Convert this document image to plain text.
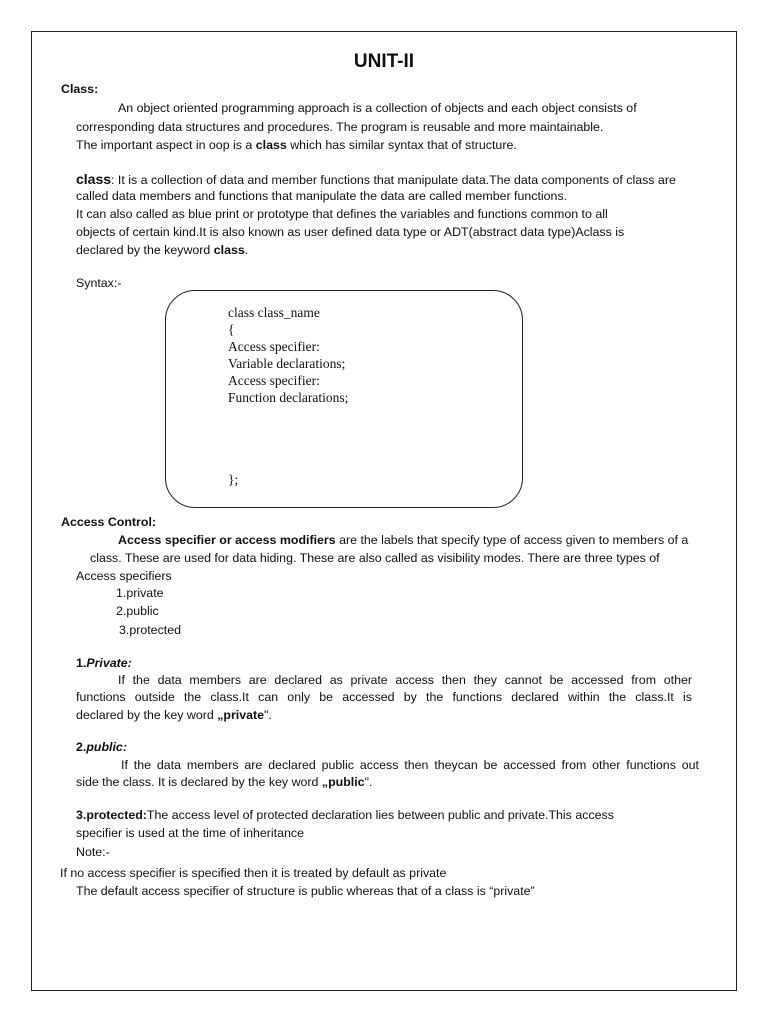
UNIT-II
Class:
An object oriented programming approach is a collection of objects and each object consists of
corresponding data structures and procedures. The program is reusable and more maintainable.
The important aspect in oop is a class which has similar syntax that of structure.
class: It is a collection of data and member functions that manipulate data.The data components of class are
called data members and functions that manipulate the data are called member functions.
It can also called as blue print or prototype that defines the variables and functions common to all
objects of certain kind.It is also known as user defined data type or ADT(abstract data type)Aclass is
declared by the keyword class.
Syntax:-
class class_name
{
Access specifier:
Variable declarations;
Access specifier:
Function declarations;
};
Access Control:
Access specifier or access modifiers are the labels that specify type of access given to members of a
class. These are used for data hiding. These are also called as visibility modes. There are three types of
Access specifiers
1.private
2.public
3.protected
1.Private:
If the data members are declared as private access then they cannot be accessed from other
functions outside the class.It can only be accessed by the functions declared within the class.It is
declared by the key word „private".
2.public:
If the data members are declared public access then theycan be accessed from other functions out
side the class. It is declared by the key word „public".
3.protected:The access level of protected declaration lies between public and private.This access
specifier is used at the time of inheritance
Note:-
If no access specifier is specified then it is treated by default as private
The default access specifier of structure is public whereas that of a class is “private”
